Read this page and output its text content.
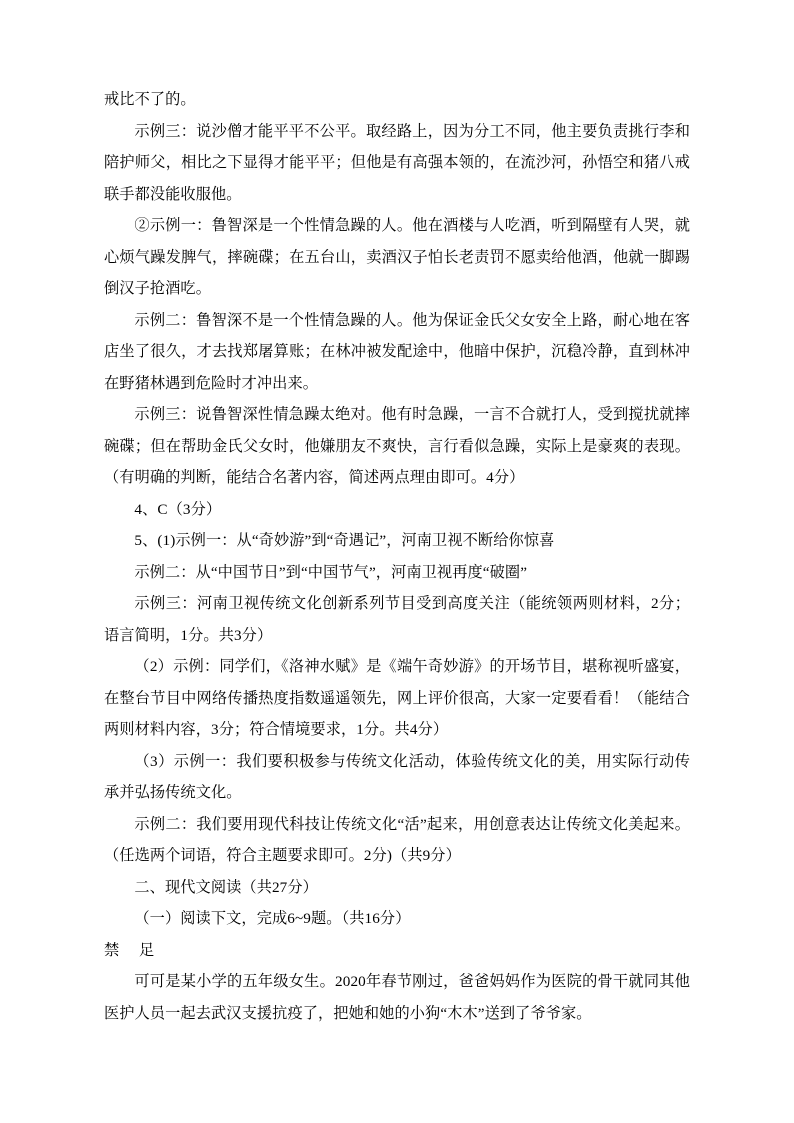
戒比不了的。

示例三：说沙僧才能平平不公平。取经路上，因为分工不同，他主要负责挑行李和陪护师父，相比之下显得才能平平；但他是有高强本领的，在流沙河，孙悟空和猪八戒联手都没能收服他。

②示例一：鲁智深是一个性情急躁的人。他在酒楼与人吃酒，听到隔壁有人哭，就心烦气躁发脾气，摔碗碟；在五台山，卖酒汉子怕长老责罚不愿卖给他酒，他就一脚踢倒汉子抢酒吃。

示例二：鲁智深不是一个性情急躁的人。他为保证金氏父女安全上路，耐心地在客店坐了很久，才去找郑屠算账；在林冲被发配途中，他暗中保护，沉稳冷静，直到林冲在野猪林遇到危险时才冲出来。

示例三：说鲁智深性情急躁太绝对。他有时急躁，一言不合就打人，受到搅扰就摔碗碟；但在帮助金氏父女时，他嫌朋友不爽快，言行看似急躁，实际上是豪爽的表现。（有明确的判断，能结合名著内容，简述两点理由即可。4分）

4、C（3分）

5、(1)示例一：从“奇妙游”到“奇遇记”，河南卫视不断给你惊喜

示例二：从“中国节日”到“中国节气”，河南卫视再度“破圈”

示例三：河南卫视传统文化创新系列节目受到高度关注（能统领两则材料，2分；语言简明，1分。共3分）

（2）示例：同学们，《洛神水赋》是《端午奇妙游》的开场节目，堪称视听盛宴，在整台节目中网络传播热度指数遥遥领先，网上评价很高，大家一定要看看！（能结合两则材料内容，3分；符合情境要求，1分。共4分）

（3）示例一：我们要积极参与传统文化活动，体验传统文化的美，用实际行动传承并弘扬传统文化。

示例二：我们要用现代科技让传统文化“活”起来，用创意表达让传统文化美起来。（任选两个词语，符合主题要求即可。2分)（共9分）

二、现代文阅读（共27分）

（一）阅读下文，完成6~9题。（共16分）

禁 足

可可是某小学的五年级女生。2020年春节刚过，爸爸妈妈作为医院的骨干就同其他医护人员一起去武汉支援抗疫了，把她和她的小狗“木木”送到了爷爷家。
